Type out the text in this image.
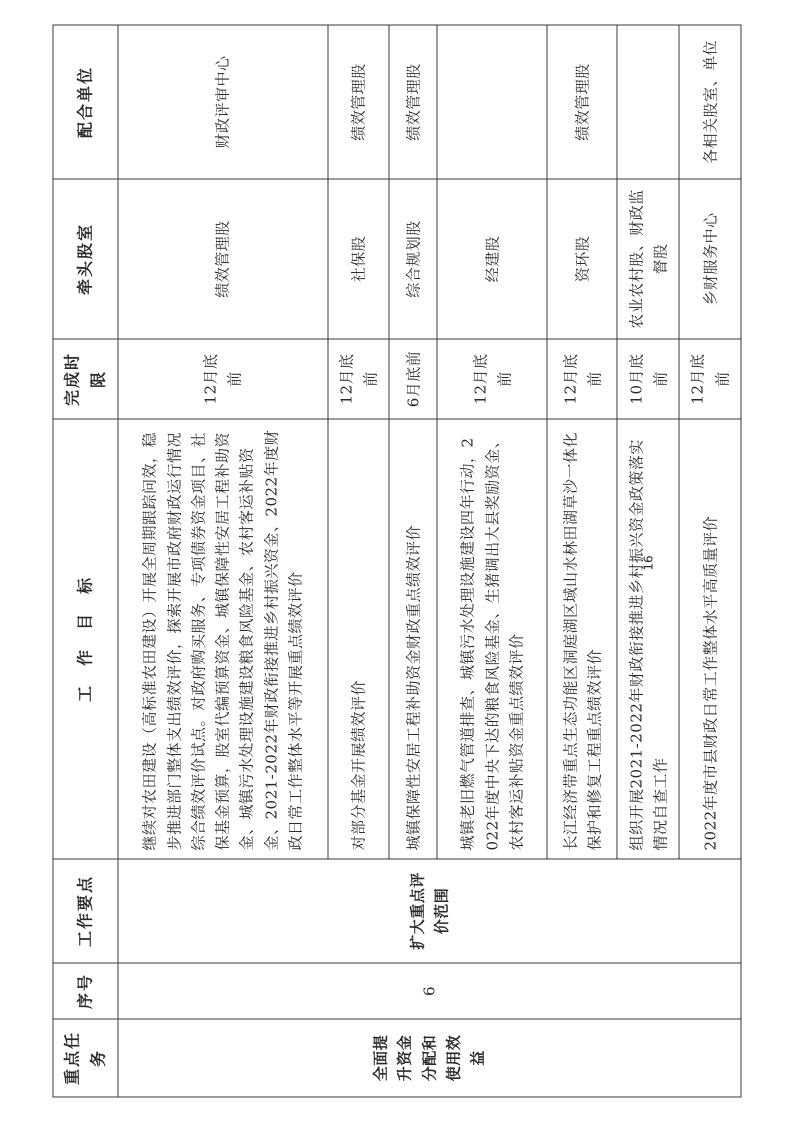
重点任务	序号	工作要点	工　作　目　标	完成时限	牵头股室	配合单位
全面提升资金分配和使用效益	6	扩大重点评价范围	继续对农田建设（高标准农田建设）开展全周期跟踪问效，稳步推进部门整体支出绩效评价，探索开展市政府财政运行情况综合绩效评价试点。对政府购买服务、专项债券资金项目、社保基金预算，股室代编预算资金、城镇保障性安居工程补助资金、城镇污水处理设施建设粮食风险基金、农村客运补贴资金、2021-2022年财政衔接推进乡村振兴资金、2022年度财政日常工作整体水平等开展重点绩效评价	12月底前	绩效管理股	财政评审中心
			对部分基金开展绩效评价	12月底前	社保股	绩效管理股
			城镇保障性安居工程补助资金财政重点绩效评价	6月底前	综合规划股	绩效管理股
			城镇老旧燃气管道排查、城镇污水处理设施建设四年行动，2022年度中央下达的粮食风险基金、生猪调出大县奖励资金、农村客运补贴资金重点绩效评价	12月底前	经建股	
			长江经济带重点生态功能区洞庭湖区域山水林田湖草沙一体化保护和修复工程重点绩效评价	12月底前	资环股	绩效管理股
			组织开展2021-2022年财政衔接推进乡村振兴资金政策落实情况自查工作	10月底前	农业农村股、财政监督股	
			2022年度市县财政日常工作整体水平高质量评价	12月底前	乡财服务中心	各相关股室、单位
16
